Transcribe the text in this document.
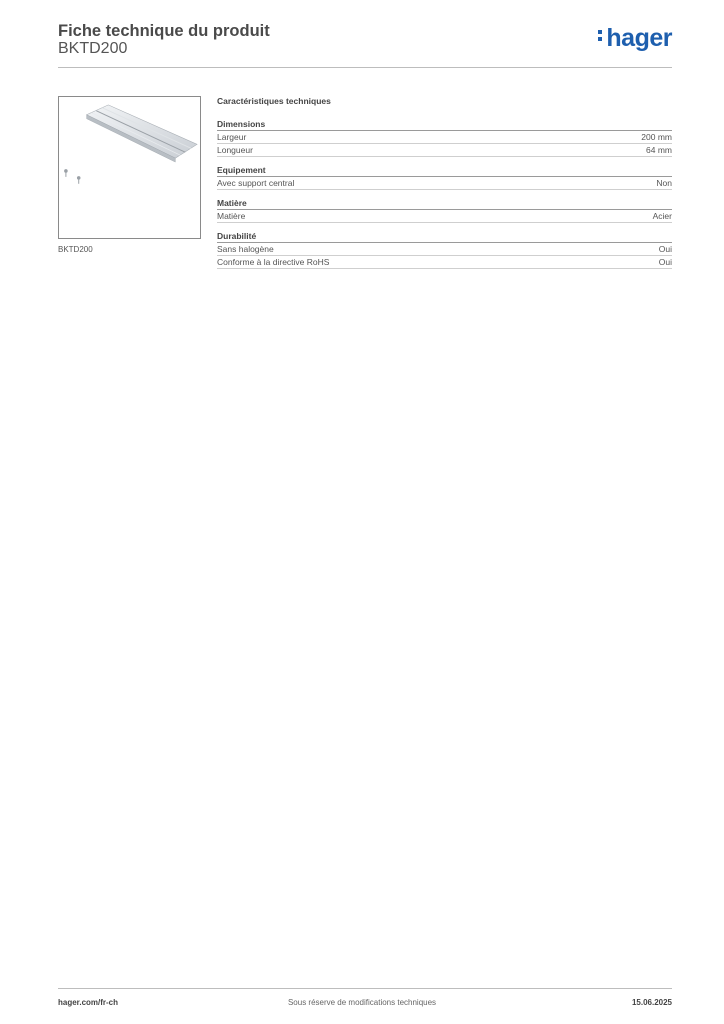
Fiche technique du produit
BKTD200	hager
BKTD200
Caractéristiques techniques
Dimensions
Largeur	200 mm
Longueur	64 mm
Equipement
Avec support central	Non
Matière
Matière	Acier
Durabilité
Sans halogène	Oui
Conforme à la directive RoHS	Oui
hager.com/fr-ch	Sous réserve de modifications techniques	15.06.2025
